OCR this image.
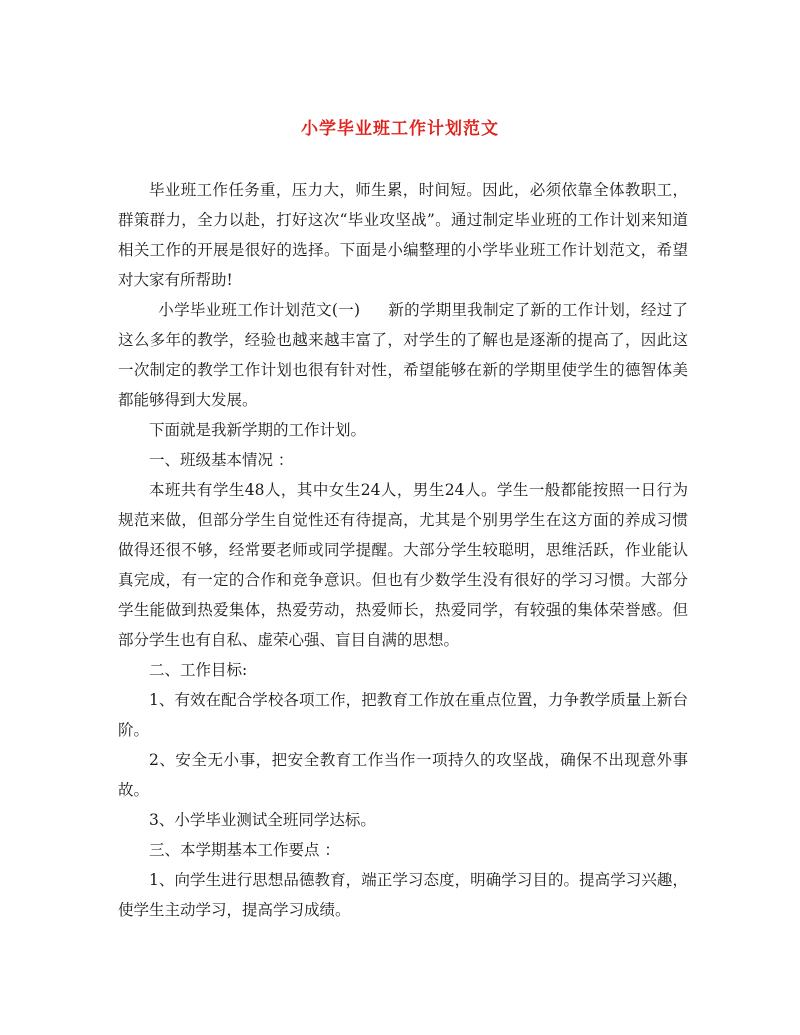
小学毕业班工作计划范文

毕业班工作任务重，压力大，师生累，时间短。因此，必须依靠全体教职工，群策群力，全力以赴，打好这次“毕业攻坚战”。通过制定毕业班的工作计划来知道相关工作的开展是很好的选择。下面是小编整理的小学毕业班工作计划范文，希望对大家有所帮助!

小学毕业班工作计划范文(一) 新的学期里我制定了新的工作计划，经过了这么多年的教学，经验也越来越丰富了，对学生的了解也是逐渐的提高了，因此这一次制定的教学工作计划也很有针对性，希望能够在新的学期里使学生的德智体美都能够得到大发展。

下面就是我新学期的工作计划。

一、班级基本情况 ：

本班共有学生48人，其中女生24人，男生24人。学生一般都能按照一日行为规范来做，但部分学生自觉性还有待提高，尤其是个别男学生在这方面的养成习惯做得还很不够，经常要老师或同学提醒。大部分学生较聪明，思维活跃，作业能认真完成，有一定的合作和竞争意识。但也有少数学生没有很好的学习习惯。大部分学生能做到热爱集体，热爱劳动，热爱师长，热爱同学，有较强的集体荣誉感。但部分学生也有自私、虚荣心强、盲目自满的思想。

二、工作目标:

1、有效在配合学校各项工作，把教育工作放在重点位置，力争教学质量上新台阶。

2、安全无小事，把安全教育工作当作一项持久的攻坚战，确保不出现意外事故。

3、小学毕业测试全班同学达标。

三、本学期基本工作要点 ：

1、向学生进行思想品德教育，端正学习态度，明确学习目的。提高学习兴趣，使学生主动学习，提高学习成绩。
